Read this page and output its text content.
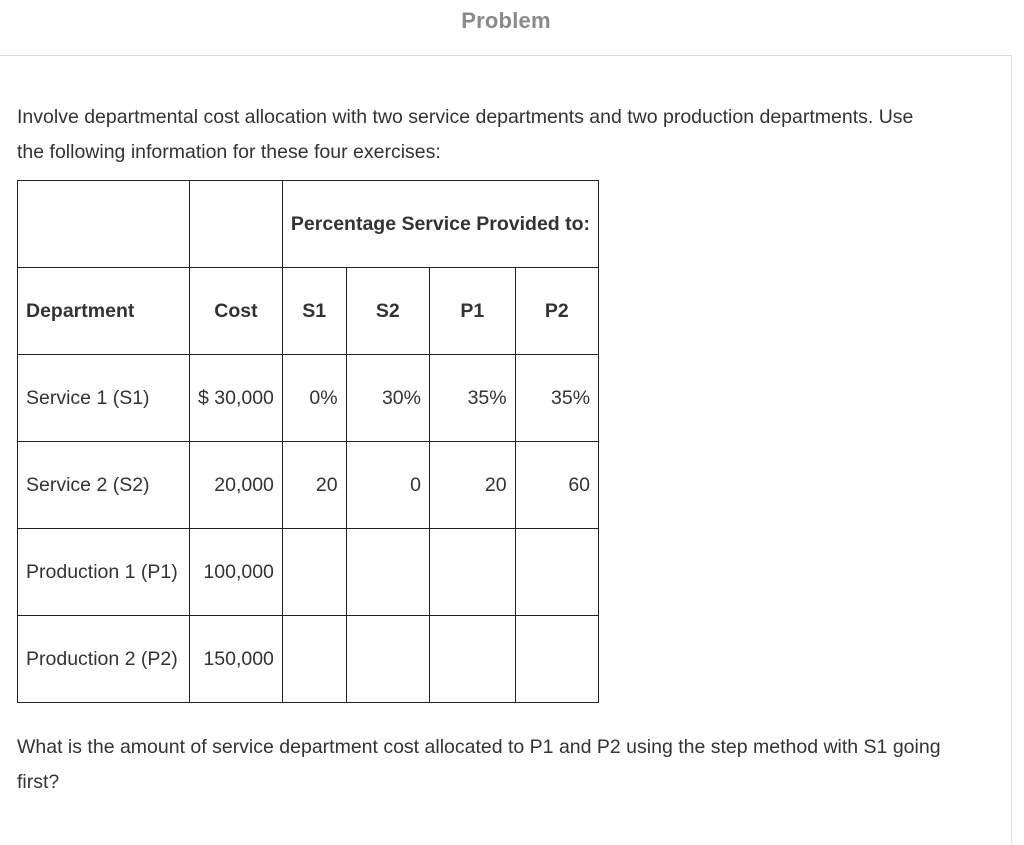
Problem
Involve departmental cost allocation with two service departments and two production departments. Use the following information for these four exercises:
		Percentage Service Provided to:			
Department	Cost	S1	S2	P1	P2
Service 1 (S1)	$ 30,000	0%	30%	35%	35%
Service 2 (S2)	20,000	20	0	20	60
Production 1 (P1)	100,000				
Production 2 (P2)	150,000				
What is the amount of service department cost allocated to P1 and P2 using the step method with S1 going first?
